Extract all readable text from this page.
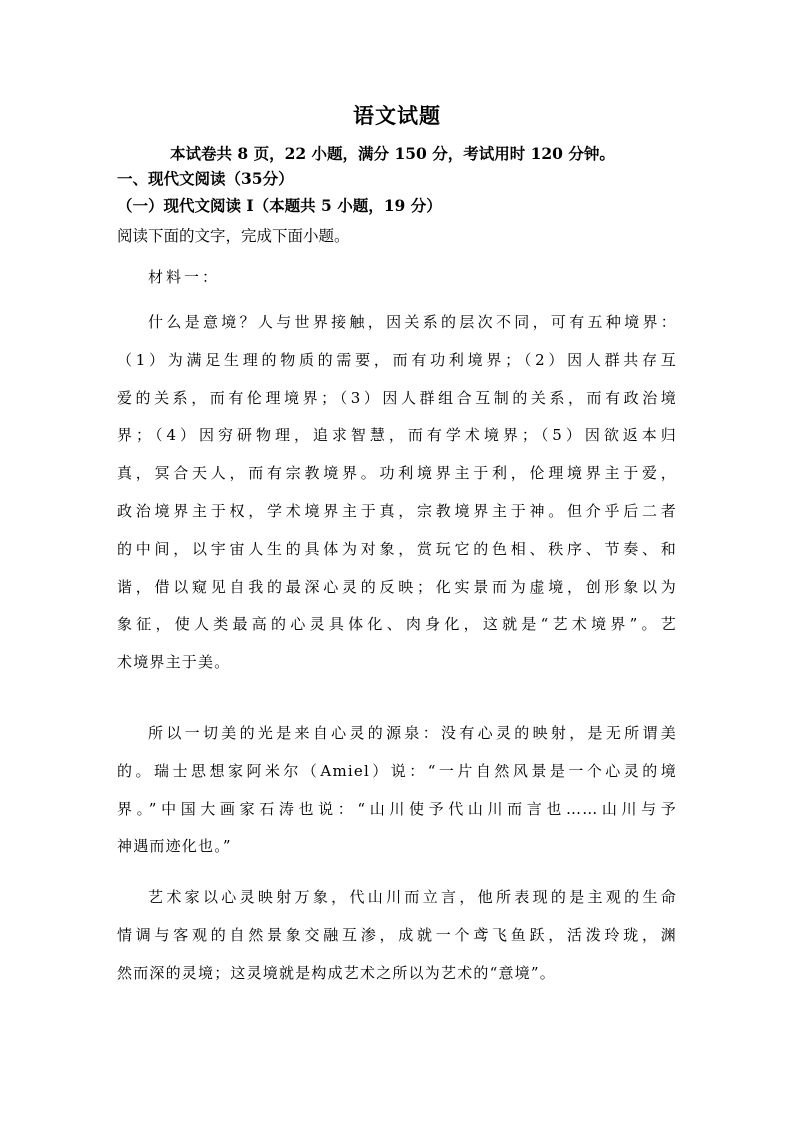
语文试题
本试卷共 8 页，22 小题，满分 150 分，考试用时 120 分钟。
一、现代文阅读（35分）
（一）现代文阅读 I（本题共 5 小题，19 分）
阅读下面的文字，完成下面小题。
材料一：
什么是意境？人与世界接触，因关系的层次不同，可有五种境界：
（1）为满足生理的物质的需要，而有功利境界；（2）因人群共存互
爱的关系，而有伦理境界；（3）因人群组合互制的关系，而有政治境
界；（4）因穷研物理，追求智慧，而有学术境界；（5）因欲返本归
真，冥合天人，而有宗教境界。功利境界主于利，伦理境界主于爱，
政治境界主于权，学术境界主于真，宗教境界主于神。但介乎后二者
的中间，以宇宙人生的具体为对象，赏玩它的色相、秩序、节奏、和
谐，借以窥见自我的最深心灵的反映；化实景而为虚境，创形象以为
象征，使人类最高的心灵具体化、肉身化，这就是“艺术境界”。艺
术境界主于美。
所以一切美的光是来自心灵的源泉：没有心灵的映射，是无所谓美
的。瑞士思想家阿米尔（Amiel）说：“一片自然风景是一个心灵的境
界。”中国大画家石涛也说：“山川使予代山川而言也……山川与予
神遇而迹化也。”
艺术家以心灵映射万象，代山川而立言，他所表现的是主观的生命
情调与客观的自然景象交融互渗，成就一个鸢飞鱼跃，活泼玲珑，渊
然而深的灵境；这灵境就是构成艺术之所以为艺术的“意境”。
